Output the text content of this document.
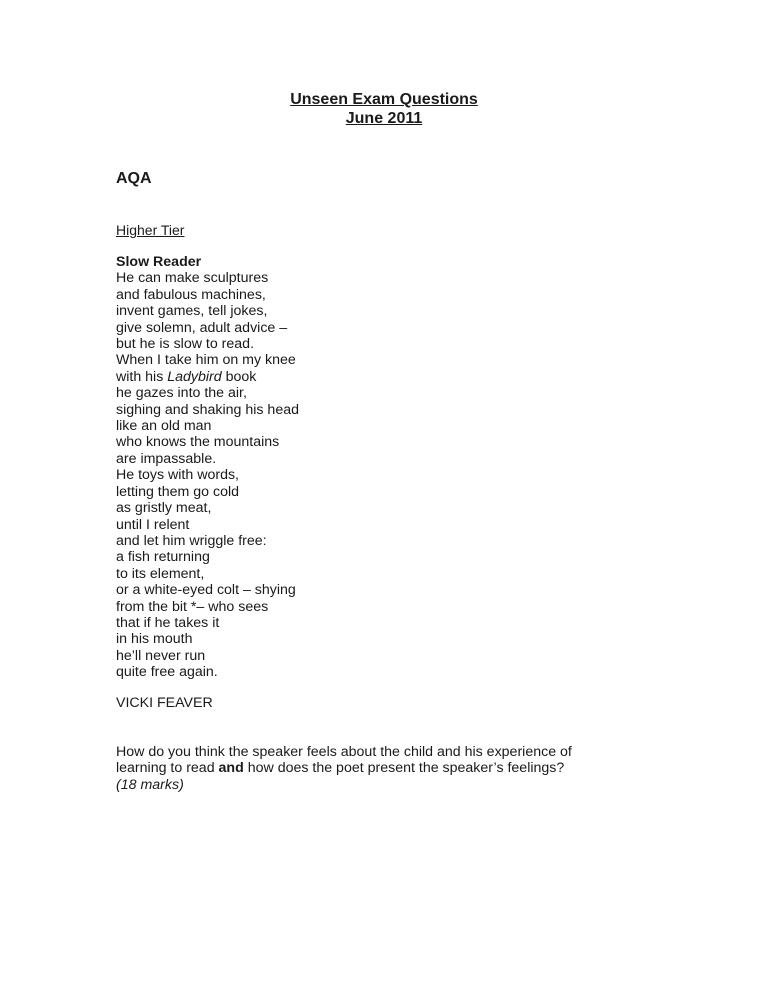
Unseen Exam Questions
June 2011
AQA
Higher Tier
Slow Reader
He can make sculptures
and fabulous machines,
invent games, tell jokes,
give solemn, adult advice –
but he is slow to read.
When I take him on my knee
with his Ladybird book
he gazes into the air,
sighing and shaking his head
like an old man
who knows the mountains
are impassable.
He toys with words,
letting them go cold
as gristly meat,
until I relent
and let him wriggle free:
a fish returning
to its element,
or a white-eyed colt – shying
from the bit *– who sees
that if he takes it
in his mouth
he’ll never run
quite free again.
VICKI FEAVER
How do you think the speaker feels about the child and his experience of
learning to read and how does the poet present the speaker’s feelings?
(18 marks)
